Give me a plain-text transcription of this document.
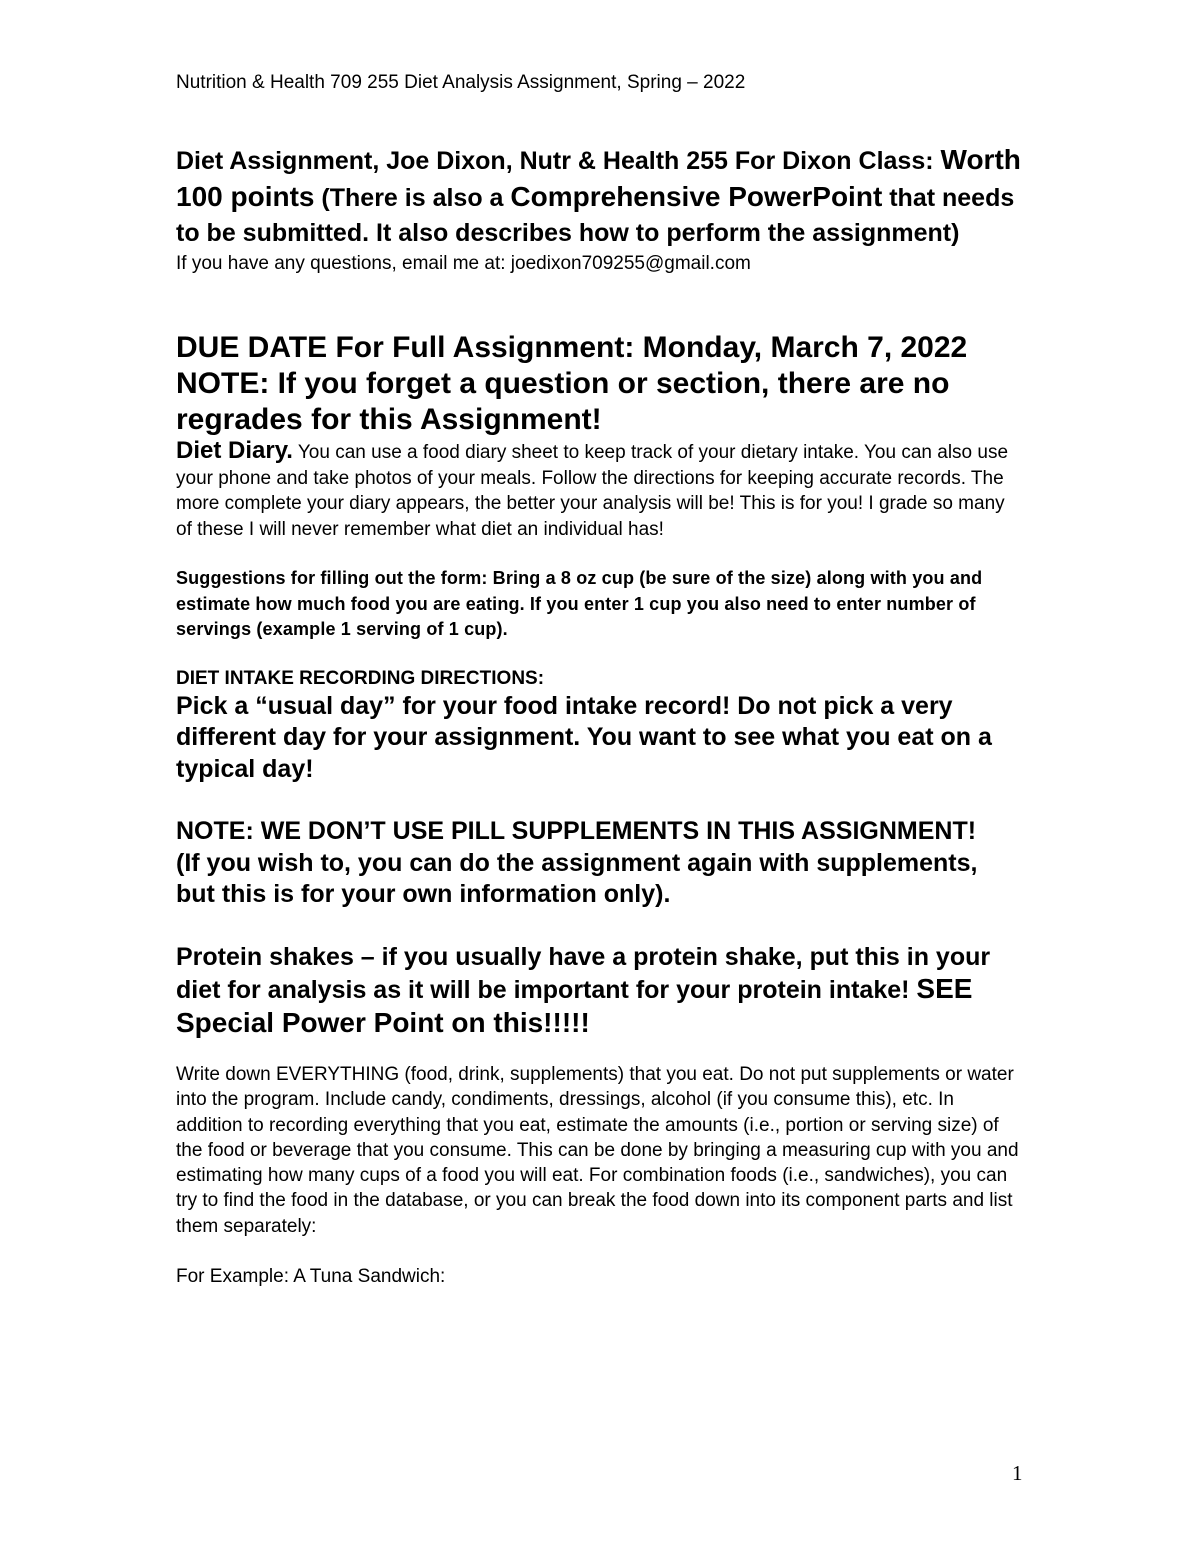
Nutrition & Health 709 255 Diet Analysis Assignment, Spring – 2022

Diet Assignment, Joe Dixon, Nutr & Health 255 For Dixon Class: Worth 100 points (There is also a Comprehensive PowerPoint that needs to be submitted. It also describes how to perform the assignment)

If you have any questions, email me at: joedixon709255@gmail.com

DUE DATE For Full Assignment: Monday, March 7, 2022
NOTE: If you forget a question or section, there are no regrades for this Assignment!

Diet Diary. You can use a food diary sheet to keep track of your dietary intake. You can also use your phone and take photos of your meals. Follow the directions for keeping accurate records. The more complete your diary appears, the better your analysis will be! This is for you! I grade so many of these I will never remember what diet an individual has!

Suggestions for filling out the form: Bring a 8 oz cup (be sure of the size) along with you and estimate how much food you are eating. If you enter 1 cup you also need to enter number of servings (example 1 serving of 1 cup).

DIET INTAKE RECORDING DIRECTIONS:

Pick a “usual day” for your food intake record! Do not pick a very different day for your assignment. You want to see what you eat on a typical day!

NOTE: WE DON’T USE PILL SUPPLEMENTS IN THIS ASSIGNMENT!
(If you wish to, you can do the assignment again with supplements, but this is for your own information only).

Protein shakes – if you usually have a protein shake, put this in your diet for analysis as it will be important for your protein intake! SEE Special Power Point on this!!!!!

Write down EVERYTHING (food, drink, supplements) that you eat. Do not put supplements or water into the program. Include candy, condiments, dressings, alcohol (if you consume this), etc. In addition to recording everything that you eat, estimate the amounts (i.e., portion or serving size) of the food or beverage that you consume. This can be done by bringing a measuring cup with you and estimating how many cups of a food you will eat. For combination foods (i.e., sandwiches), you can try to find the food in the database, or you can break the food down into its component parts and list them separately:

For Example: A Tuna Sandwich:

1
